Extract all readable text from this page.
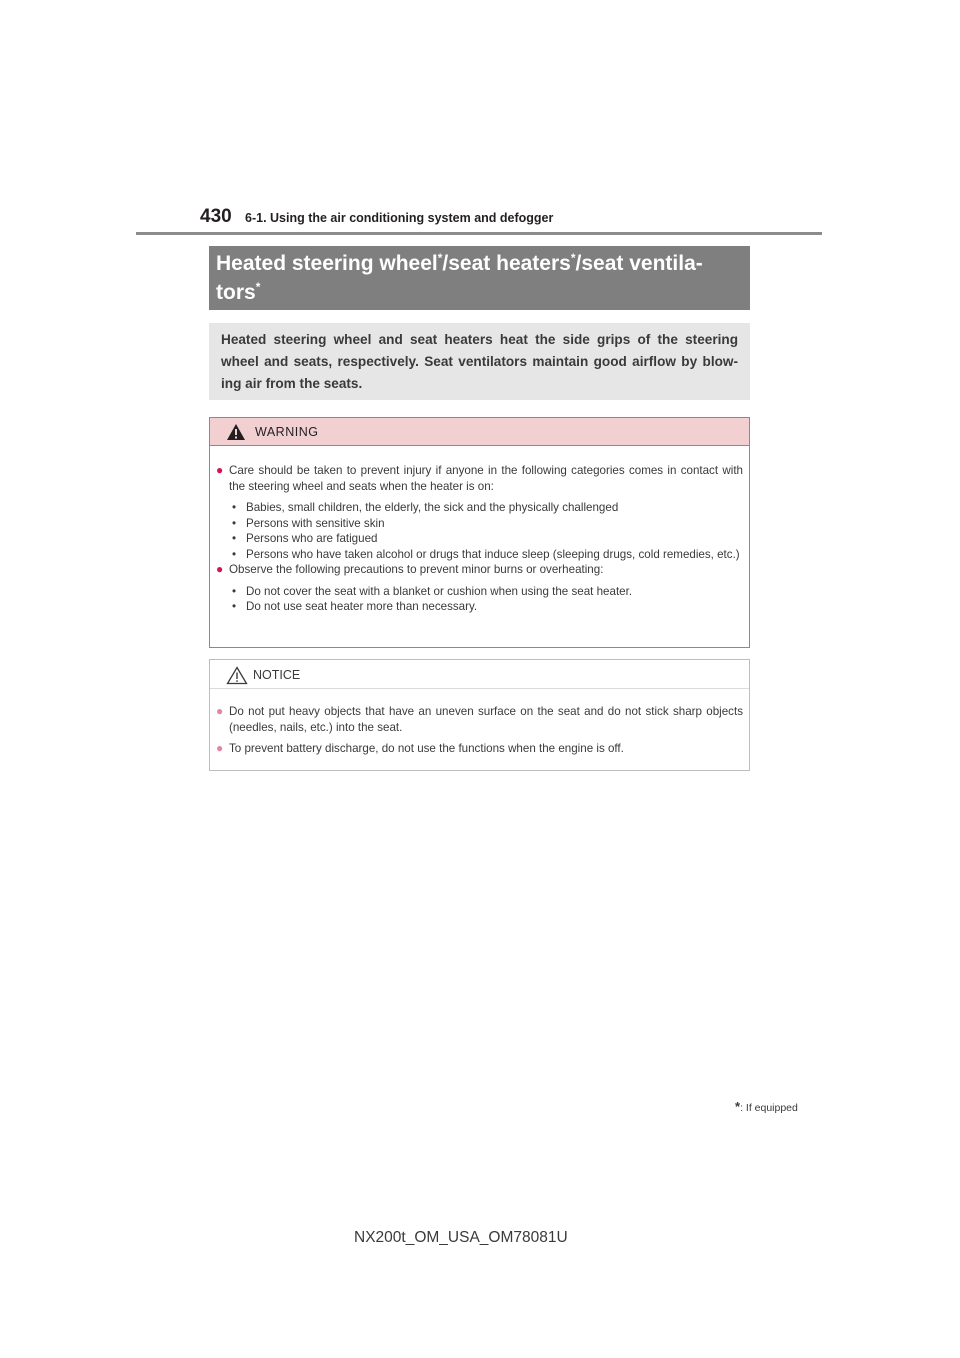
430 6-1. Using the air conditioning system and defogger
Heated steering wheel*/seat heaters*/seat ventila-
tors*
Heated steering wheel and seat heaters heat the side grips of the steering wheel and seats, respectively. Seat ventilators maintain good airflow by blow-ing air from the seats.
WARNING
● Care should be taken to prevent injury if anyone in the following categories comes in contact with the steering wheel and seats when the heater is on:
• Babies, small children, the elderly, the sick and the physically challenged
• Persons with sensitive skin
• Persons who are fatigued
• Persons who have taken alcohol or drugs that induce sleep (sleeping drugs, cold remedies, etc.)
● Observe the following precautions to prevent minor burns or overheating:
• Do not cover the seat with a blanket or cushion when using the seat heater.
• Do not use seat heater more than necessary.
NOTICE
● Do not put heavy objects that have an uneven surface on the seat and do not stick sharp objects (needles, nails, etc.) into the seat.
● To prevent battery discharge, do not use the functions when the engine is off.
*: If equipped
NX200t_OM_USA_OM78081U
